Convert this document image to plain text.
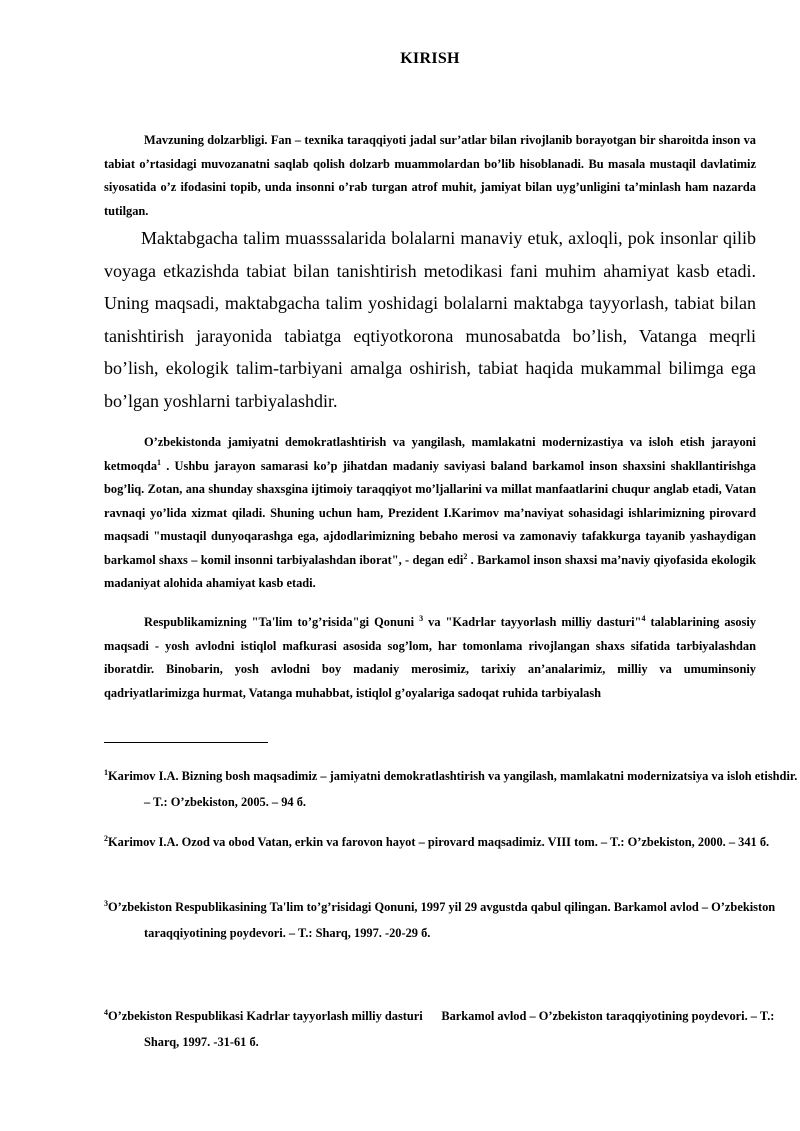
KIRISH

Mavzuning dolzarbligi. Fan – texnika taraqqiyoti jadal sur’atlar bilan rivojlanib borayotgan bir sharoitda inson va tabiat o’rtasidagi muvozanatni saqlab qolish dolzarb muammolardan bo’lib hisoblanadi. Bu masala mustaqil davlatimiz siyosatida o’z ifodasini topib, unda insonni o’rab turgan atrof muhit, jamiyat bilan uyg’unligini ta’minlash ham nazarda tutilgan.

Maktabgacha talim muasssalarida bolalarni manaviy etuk, axloqli, pok insonlar qilib voyaga etkazishda tabiat bilan tanishtirish metodikasi fani muhim ahamiyat kasb etadi. Uning maqsadi, maktabgacha talim yoshidagi bolalarni maktabga tayyorlash, tabiat bilan tanishtirish jarayonida tabiatga eqtiyotkorona munosabatda bo’lish, Vatanga meqrli bo’lish, ekologik talim-tarbiyani amalga oshirish, tabiat haqida mukammal bilimga ega bo’lgan yoshlarni tarbiyalashdir.

O’zbekistonda jamiyatni demokratlashtirish va yangilash, mamlakatni modernizastiya va isloh etish jarayoni ketmoqda$^1$ . Ushbu jarayon samarasi ko’p jihatdan madaniy saviyasi baland barkamol inson shaxsini shakllantirishga bog’liq. Zotan, ana shunday shaxsgina ijtimoiy taraqqiyot mo’ljallarini va millat manfaatlarini chuqur anglab etadi, Vatan ravnaqi yo’lida xizmat qiladi. Shuning uchun ham, Prezident I.Karimov ma’naviyat sohasidagi ishlarimizning pirovard maqsadi "mustaqil dunyoqarashga ega, ajdodlarimizning bebaho merosi va zamonaviy tafakkurga tayanib yashaydigan barkamol shaxs – komil insonni tarbiyalashdan iborat", - degan edi$^2$ . Barkamol inson shaxsi ma’naviy qiyofasida ekologik madaniyat alohida ahamiyat kasb etadi.

Respublikamizning "Ta'lim to’g’risida"gi Qonuni $^3$ va "Kadrlar tayyorlash milliy dasturi"$^4$ talablarining asosiy maqsadi - yosh avlodni istiqlol mafkurasi asosida sog’lom, har tomonlama rivojlangan shaxs sifatida tarbiyalashdan iboratdir. Binobarin, yosh avlodni boy madaniy merosimiz, tarixiy an’analarimiz, milliy va umuminsoniy qadriyatlarimizga hurmat, Vatanga muhabbat, istiqlol g’oyalariga sadoqat ruhida tarbiyalash

$^1$Karimov I.A. Bizning bosh maqsadimiz – jamiyatni demokratlashtirish va yangilash, mamlakatni modernizatsiya va isloh etishdir. – T.: O’zbekiston, 2005. – 94 б.

$^2$Karimov I.A. Ozod va obod Vatan, erkin va farovon hayot – pirovard maqsadimiz. VIII tom. – T.: O’zbekiston, 2000. – 341 б.

$^3$O’zbekiston Respublikasining Ta'lim to’g’risidagi Qonuni, 1997 yil 29 avgustda qabul qilingan. Barkamol avlod – O’zbekiston taraqqiyotining poydevori. – T.: Sharq, 1997. -20-29 б.

$^4$O’zbekiston Respublikasi Kadrlar tayyorlash milliy dasturi      Barkamol avlod – O’zbekiston taraqqiyotining poydevori. – T.: Sharq, 1997. -31-61 б.
